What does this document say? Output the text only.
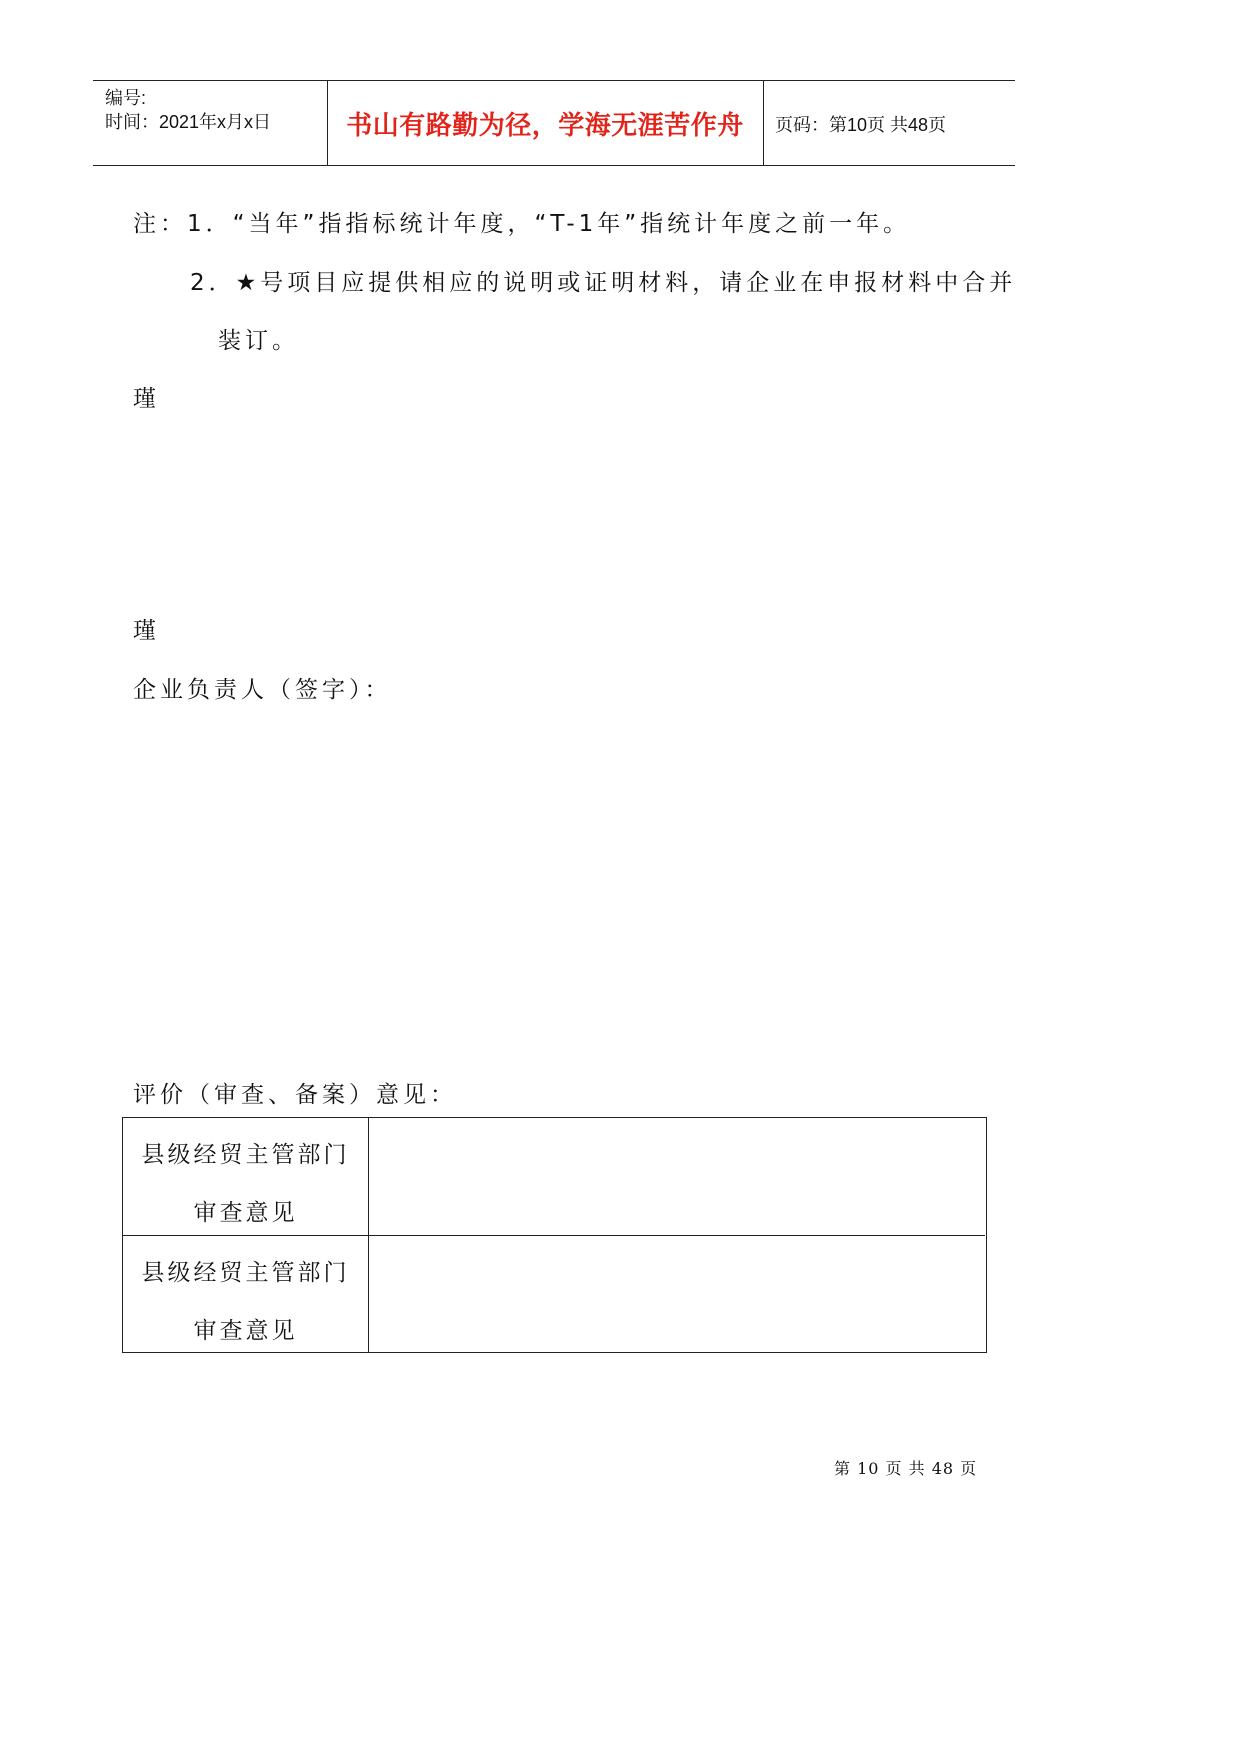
编号:
时间：2021年x月x日	书山有路勤为径，学海无涯苦作舟	页码：第10页 共48页
注：1．“当年”指指标统计年度，“T-1年”指统计年度之前一年。
2．★号项目应提供相应的说明或证明材料，请企业在申报材料中合并
装订。
瑾
瑾
企业负责人（签字）：
评价（审查、备案）意见：
县级经贸主管部门
审查意见
县级经贸主管部门
审查意见
第 10 页 共 48 页
